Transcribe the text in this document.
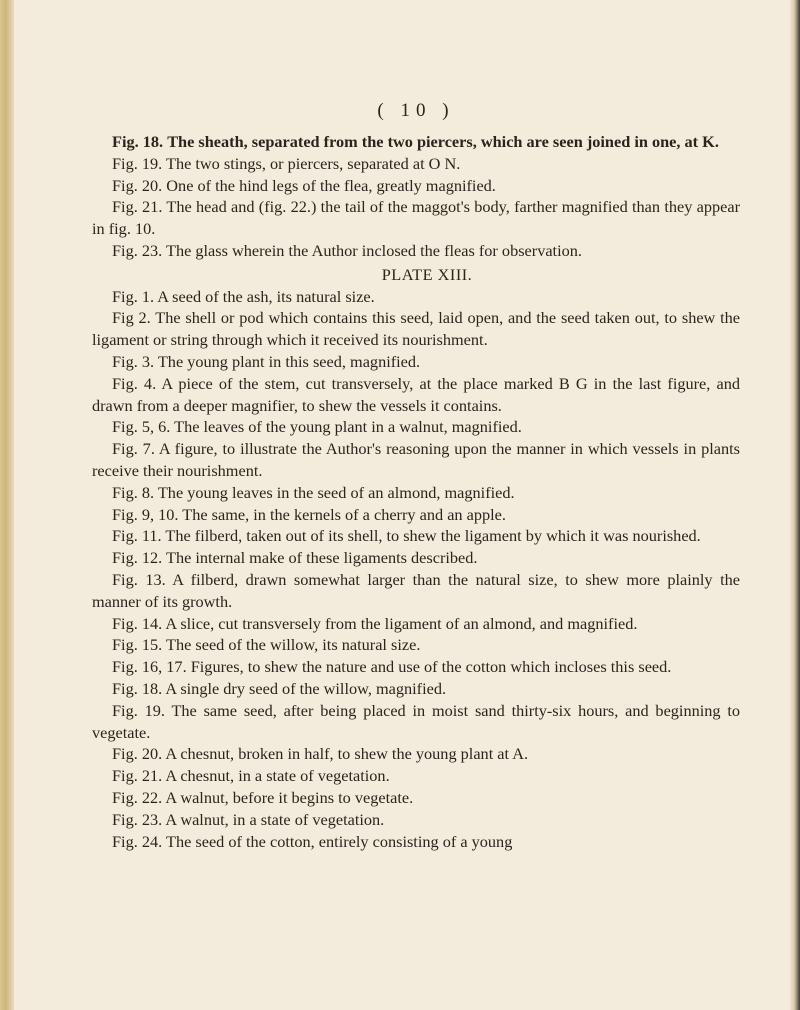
( 10 )

Fig. 18. The sheath, separated from the two piercers, which are seen joined in one, at K.

Fig. 19. The two stings, or piercers, separated at O N.

Fig. 20. One of the hind legs of the flea, greatly magnified.

Fig. 21. The head and (fig. 22.) the tail of the maggot's body, farther magnified than they appear in fig. 10.

Fig. 23. The glass wherein the Author inclosed the fleas for observation.

PLATE XIII.

Fig. 1. A seed of the ash, its natural size.

Fig 2. The shell or pod which contains this seed, laid open, and the seed taken out, to shew the ligament or string through which it received its nourishment.

Fig. 3. The young plant in this seed, magnified.

Fig. 4. A piece of the stem, cut transversely, at the place marked B G in the last figure, and drawn from a deeper magnifier, to shew the vessels it contains.

Fig. 5, 6. The leaves of the young plant in a walnut, magnified.

Fig. 7. A figure, to illustrate the Author's reasoning upon the manner in which vessels in plants receive their nourishment.

Fig. 8. The young leaves in the seed of an almond, magnified.

Fig. 9, 10. The same, in the kernels of a cherry and an apple.

Fig. 11. The filberd, taken out of its shell, to shew the ligament by which it was nourished.

Fig. 12. The internal make of these ligaments described.

Fig. 13. A filberd, drawn somewhat larger than the natural size, to shew more plainly the manner of its growth.

Fig. 14. A slice, cut transversely from the ligament of an almond, and magnified.

Fig. 15. The seed of the willow, its natural size.

Fig. 16, 17. Figures, to shew the nature and use of the cotton which incloses this seed.

Fig. 18. A single dry seed of the willow, magnified.

Fig. 19. The same seed, after being placed in moist sand thirty-six hours, and beginning to vegetate.

Fig. 20. A chesnut, broken in half, to shew the young plant at A.

Fig. 21. A chesnut, in a state of vegetation.

Fig. 22. A walnut, before it begins to vegetate.

Fig. 23. A walnut, in a state of vegetation.

Fig. 24. The seed of the cotton, entirely consisting of a young
